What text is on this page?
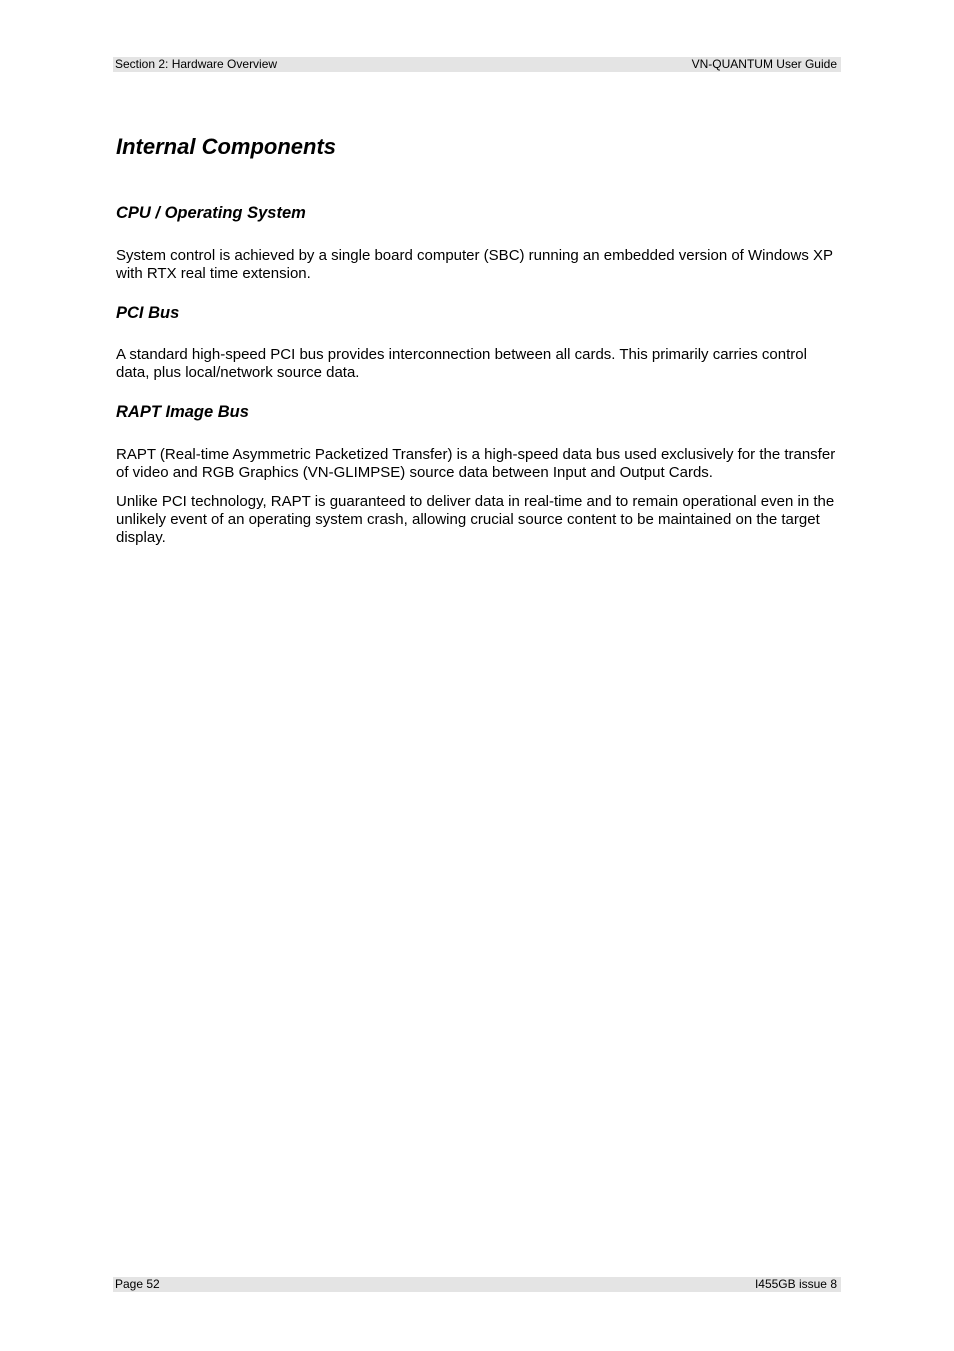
Section 2: Hardware Overview	VN-QUANTUM User Guide
Internal Components
CPU / Operating System

System control is achieved by a single board computer (SBC) running an embedded version of Windows XP with RTX real time extension.

PCI Bus

A standard high-speed PCI bus provides interconnection between all cards. This primarily carries control data, plus local/network source data.

RAPT Image Bus

RAPT (Real-time Asymmetric Packetized Transfer) is a high-speed data bus used exclusively for the transfer of video and RGB Graphics (VN-GLIMPSE) source data between Input and Output Cards.

Unlike PCI technology, RAPT is guaranteed to deliver data in real-time and to remain operational even in the unlikely event of an operating system crash, allowing crucial source content to be maintained on the target display.

Page 52	I455GB issue 8
